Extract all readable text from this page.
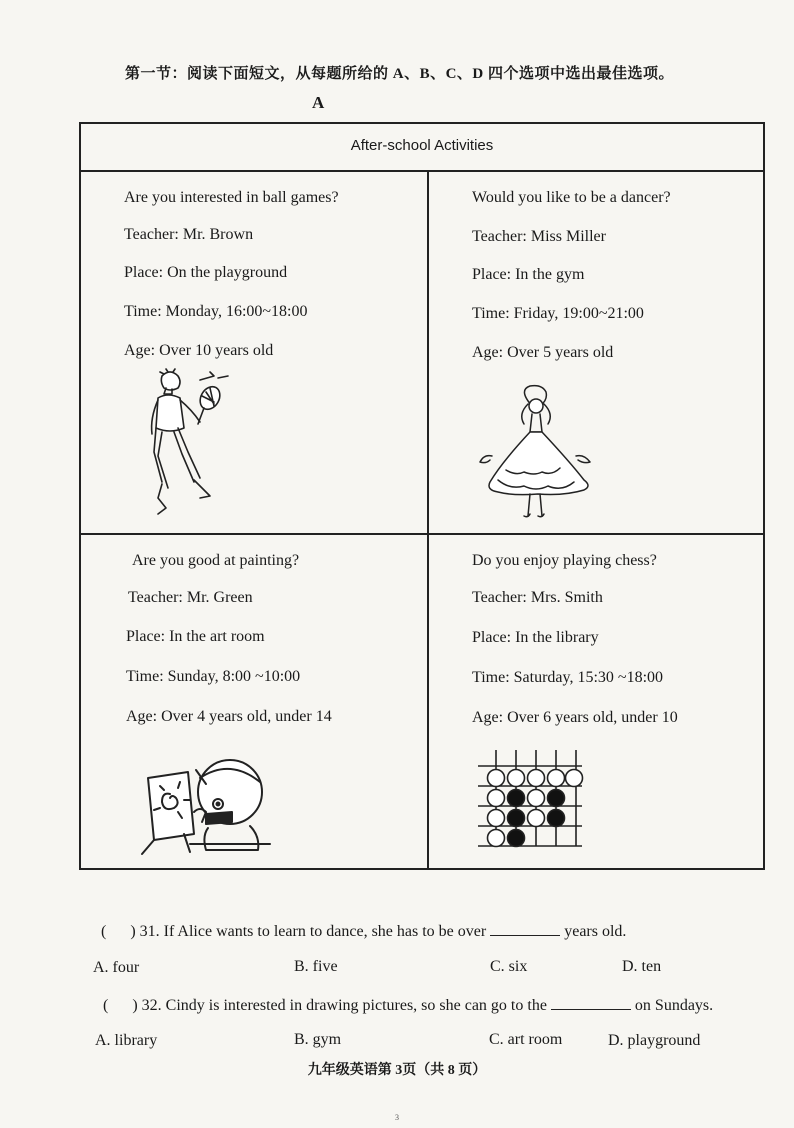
第一节：阅读下面短文，从每题所给的 A、B、C、D 四个选项中选出最佳选项。
A
After-school Activities
Are you interested in ball games?
Teacher: Mr. Brown
Place: On the playground
Time: Monday, 16:00~18:00
Age: Over 10 years old
Would you like to be a dancer?
Teacher: Miss Miller
Place: In the gym
Time: Friday, 19:00~21:00
Age: Over 5 years old
Are you good at painting?
Teacher: Mr. Green
Place: In the art room
Time: Sunday, 8:00 ~10:00
Age: Over 4 years old, under 14
Do you enjoy playing chess?
Teacher: Mrs. Smith
Place: In the library
Time: Saturday, 15:30 ~18:00
Age: Over 6 years old, under 10
(      ) 31. If Alice wants to learn to dance, she has to be over	years old.
A. four	B. five	C. six	D. ten
(      ) 32. Cindy is interested in drawing pictures, so she can go to the	on Sundays.
A. library	B. gym	C. art room	D. playground
九年级英语第 3页（共 8 页）
3
